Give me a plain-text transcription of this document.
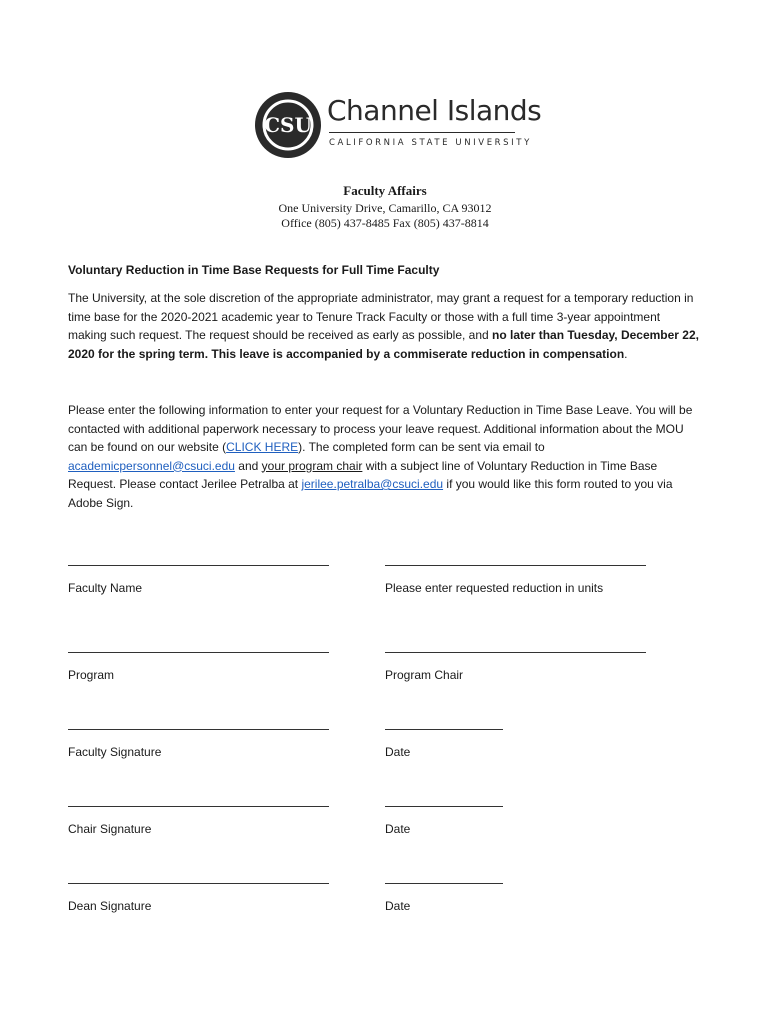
CSU Channel Islands
CALIFORNIA STATE UNIVERSITY
Faculty Affairs
One University Drive, Camarillo, CA 93012
Office (805) 437-8485 Fax (805) 437-8814
Voluntary Reduction in Time Base Requests for Full Time Faculty
The University, at the sole discretion of the appropriate administrator, may grant a request for a temporary reduction in time base for the 2020-2021 academic year to Tenure Track Faculty or those with a full time 3-year appointment making such request. The request should be received as early as possible, and no later than Tuesday, December 22, 2020 for the spring term. This leave is accompanied by a commiserate reduction in compensation.
Please enter the following information to enter your request for a Voluntary Reduction in Time Base Leave. You will be contacted with additional paperwork necessary to process your leave request. Additional information about the MOU can be found on our website (CLICK HERE). The completed form can be sent via email to academicpersonnel@csuci.edu and your program chair with a subject line of Voluntary Reduction in Time Base Request. Please contact Jerilee Petralba at jerilee.petralba@csuci.edu if you would like this form routed to you via Adobe Sign.
Faculty Name	Please enter requested reduction in units
Program	Program Chair
Faculty Signature	Date
Chair Signature	Date
Dean Signature	Date
